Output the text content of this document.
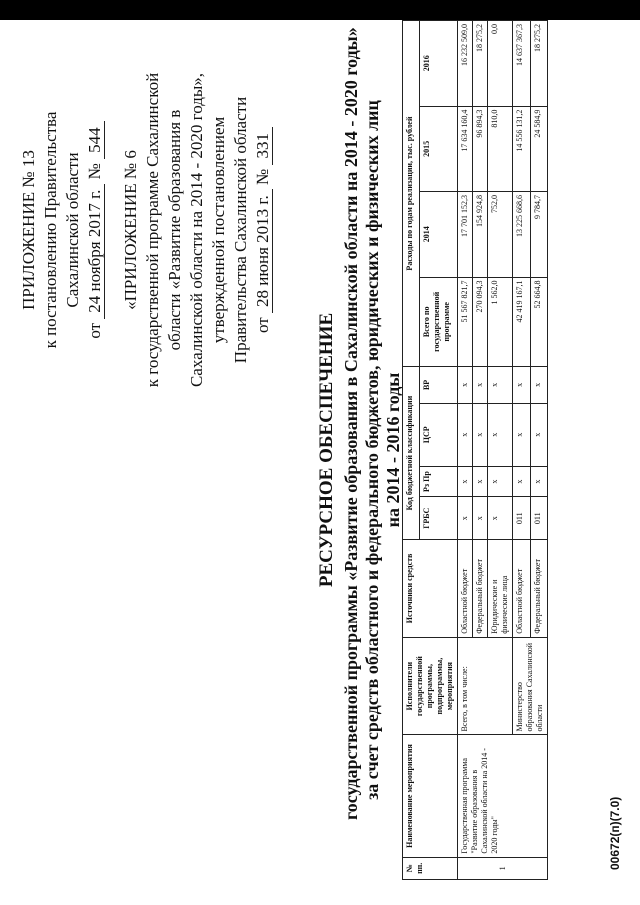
ПРИЛОЖЕНИЕ № 13 к постановлению Правительства Сахалинской области
от 24 ноября 2017 г. № 544
«ПРИЛОЖЕНИЕ № 6 к государственной программе Сахалинской области «Развитие образования в Сахалинской области на 2014 - 2020 годы», утвержденной постановлением Правительства Сахалинской области от 28 июня 2013 г. № 331
РЕСУРСНОЕ ОБЕСПЕЧЕНИЕ государственной программы «Развитие образования в Сахалинской области на 2014 - 2020 годы» за счет средств областного и федерального бюджетов, юридических и физических лиц на 2014 - 2016 годы
№ пп.	Наименование мероприятия	Исполнители государственной программы, подпрограммы, мероприятия	Источники средств	Код бюджетной классификации				Расходы по годам реализации, тыс. рублей			
				ГРБС	Рз Пр	ЦСР	ВР	Всего по государственной программе	2014	2015	2016
1	Государственная программа "Развитие образования в Сахалинской области на 2014 - 2020 годы"	Всего, в том числе:	Областной бюджет	х	х	х	х	51 567 821,7	17 701 152,3	17 634 160,4	16 232 509,0
			Федеральный бюджет	х	х	х	х	270 094,3	154 924,8	96 894,3	18 275,2
			Юридические и физические лица	х	х	х	х	1 562,0	752,0	810,0	0,0
		Министерство образования Сахалинской области	Областной бюджет	011	х	х	х	42 419 167,1	13 225 668,6	14 556 131,2	14 637 367,3
			Федеральный бюджет	011	х	х	х	52 664,8	9 784,7	24 584,9	18 275,2
00672(п)(7.0)
